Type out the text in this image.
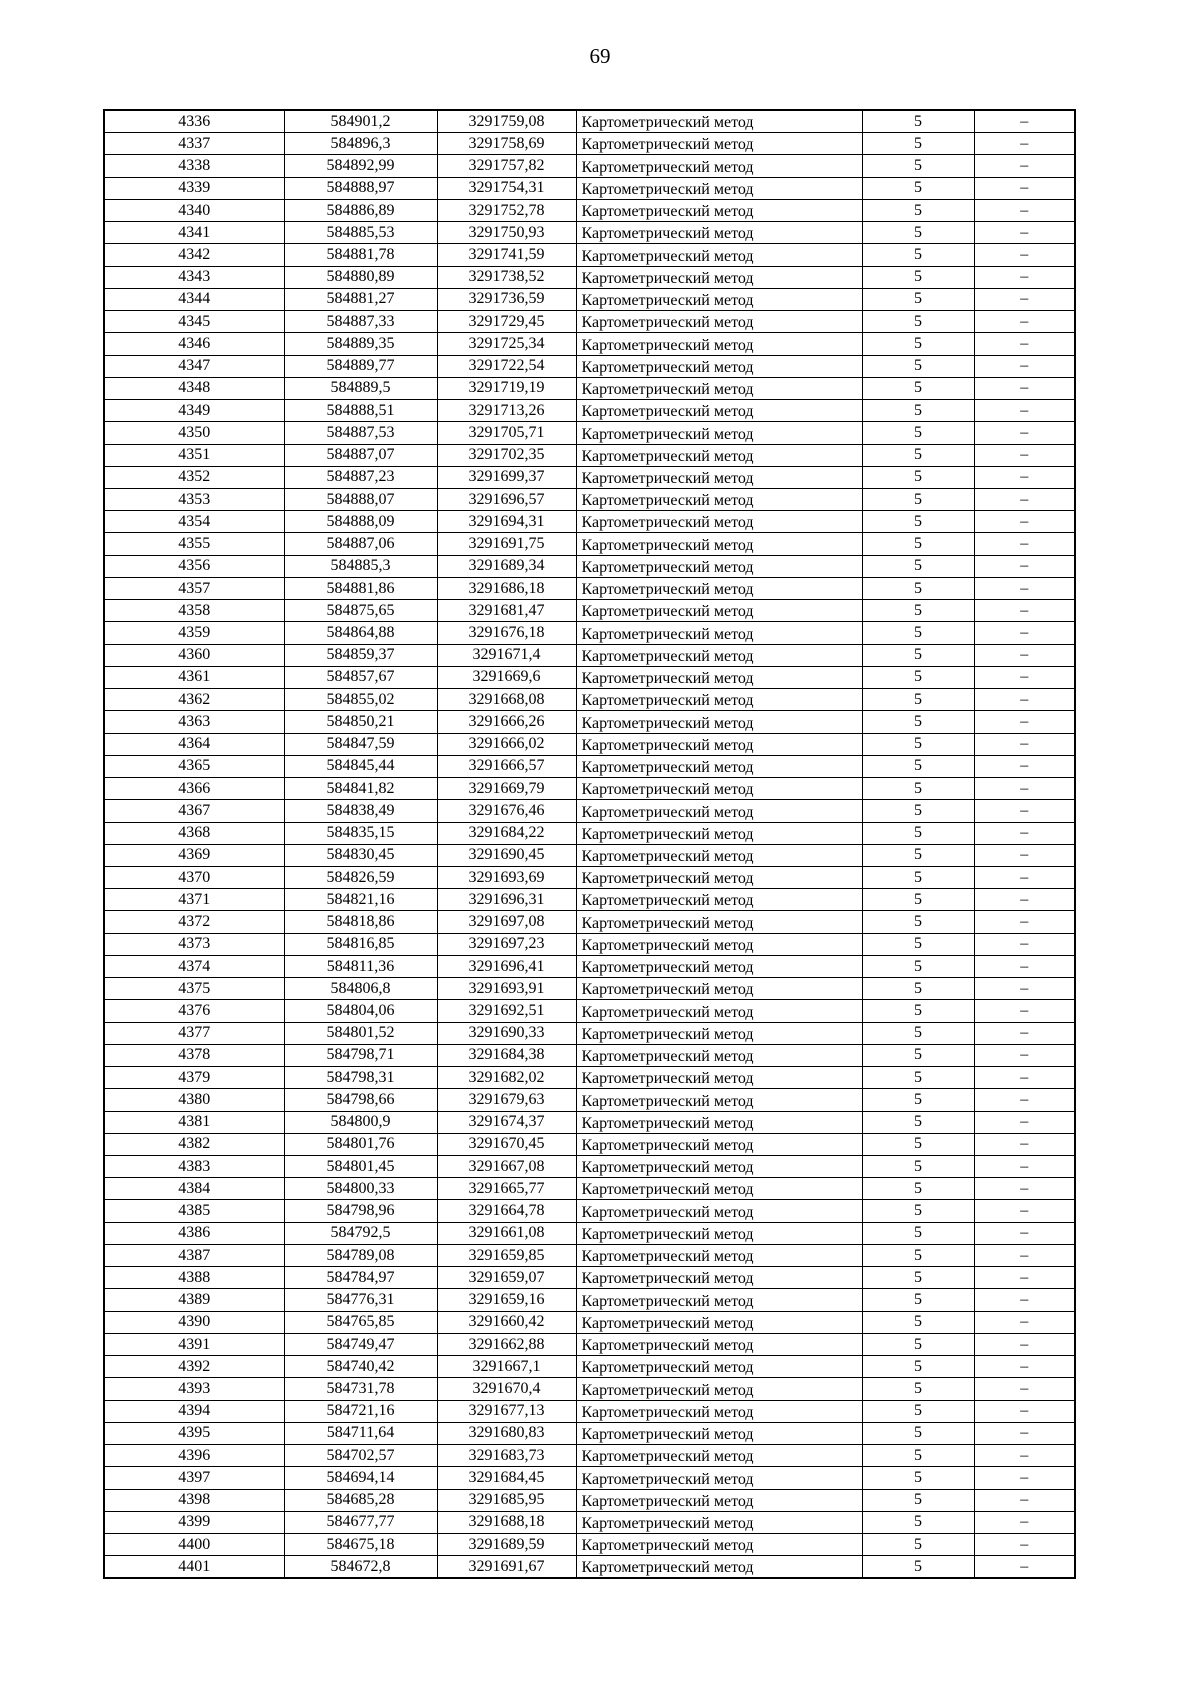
69
4336	584901,2	3291759,08	Картометрический метод	5	–
4337	584896,3	3291758,69	Картометрический метод	5	–
4338	584892,99	3291757,82	Картометрический метод	5	–
4339	584888,97	3291754,31	Картометрический метод	5	–
4340	584886,89	3291752,78	Картометрический метод	5	–
4341	584885,53	3291750,93	Картометрический метод	5	–
4342	584881,78	3291741,59	Картометрический метод	5	–
4343	584880,89	3291738,52	Картометрический метод	5	–
4344	584881,27	3291736,59	Картометрический метод	5	–
4345	584887,33	3291729,45	Картометрический метод	5	–
4346	584889,35	3291725,34	Картометрический метод	5	–
4347	584889,77	3291722,54	Картометрический метод	5	–
4348	584889,5	3291719,19	Картометрический метод	5	–
4349	584888,51	3291713,26	Картометрический метод	5	–
4350	584887,53	3291705,71	Картометрический метод	5	–
4351	584887,07	3291702,35	Картометрический метод	5	–
4352	584887,23	3291699,37	Картометрический метод	5	–
4353	584888,07	3291696,57	Картометрический метод	5	–
4354	584888,09	3291694,31	Картометрический метод	5	–
4355	584887,06	3291691,75	Картометрический метод	5	–
4356	584885,3	3291689,34	Картометрический метод	5	–
4357	584881,86	3291686,18	Картометрический метод	5	–
4358	584875,65	3291681,47	Картометрический метод	5	–
4359	584864,88	3291676,18	Картометрический метод	5	–
4360	584859,37	3291671,4	Картометрический метод	5	–
4361	584857,67	3291669,6	Картометрический метод	5	–
4362	584855,02	3291668,08	Картометрический метод	5	–
4363	584850,21	3291666,26	Картометрический метод	5	–
4364	584847,59	3291666,02	Картометрический метод	5	–
4365	584845,44	3291666,57	Картометрический метод	5	–
4366	584841,82	3291669,79	Картометрический метод	5	–
4367	584838,49	3291676,46	Картометрический метод	5	–
4368	584835,15	3291684,22	Картометрический метод	5	–
4369	584830,45	3291690,45	Картометрический метод	5	–
4370	584826,59	3291693,69	Картометрический метод	5	–
4371	584821,16	3291696,31	Картометрический метод	5	–
4372	584818,86	3291697,08	Картометрический метод	5	–
4373	584816,85	3291697,23	Картометрический метод	5	–
4374	584811,36	3291696,41	Картометрический метод	5	–
4375	584806,8	3291693,91	Картометрический метод	5	–
4376	584804,06	3291692,51	Картометрический метод	5	–
4377	584801,52	3291690,33	Картометрический метод	5	–
4378	584798,71	3291684,38	Картометрический метод	5	–
4379	584798,31	3291682,02	Картометрический метод	5	–
4380	584798,66	3291679,63	Картометрический метод	5	–
4381	584800,9	3291674,37	Картометрический метод	5	–
4382	584801,76	3291670,45	Картометрический метод	5	–
4383	584801,45	3291667,08	Картометрический метод	5	–
4384	584800,33	3291665,77	Картометрический метод	5	–
4385	584798,96	3291664,78	Картометрический метод	5	–
4386	584792,5	3291661,08	Картометрический метод	5	–
4387	584789,08	3291659,85	Картометрический метод	5	–
4388	584784,97	3291659,07	Картометрический метод	5	–
4389	584776,31	3291659,16	Картометрический метод	5	–
4390	584765,85	3291660,42	Картометрический метод	5	–
4391	584749,47	3291662,88	Картометрический метод	5	–
4392	584740,42	3291667,1	Картометрический метод	5	–
4393	584731,78	3291670,4	Картометрический метод	5	–
4394	584721,16	3291677,13	Картометрический метод	5	–
4395	584711,64	3291680,83	Картометрический метод	5	–
4396	584702,57	3291683,73	Картометрический метод	5	–
4397	584694,14	3291684,45	Картометрический метод	5	–
4398	584685,28	3291685,95	Картометрический метод	5	–
4399	584677,77	3291688,18	Картометрический метод	5	–
4400	584675,18	3291689,59	Картометрический метод	5	–
4401	584672,8	3291691,67	Картометрический метод	5	–
